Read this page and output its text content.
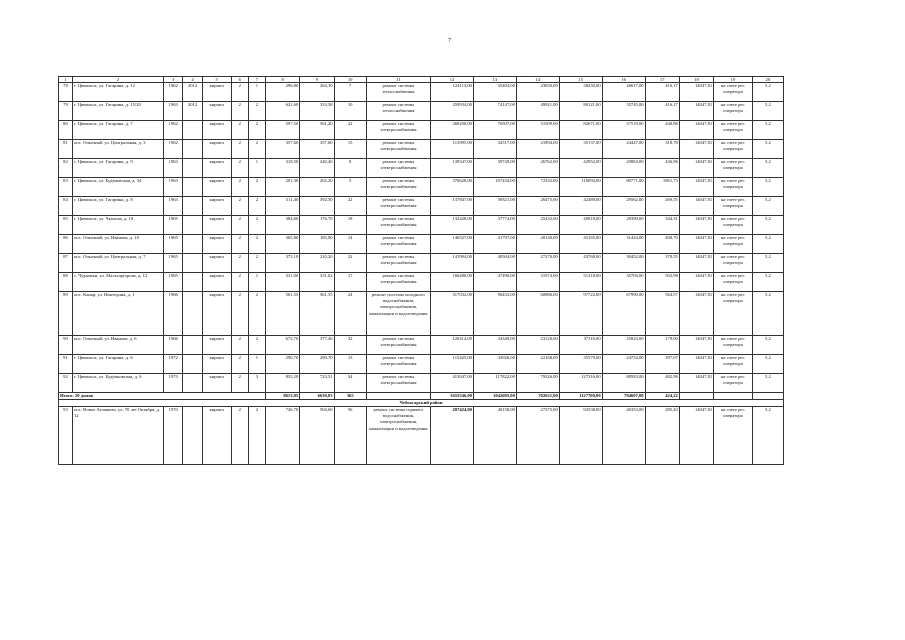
7
1	2	3	4	5	6	7	8	9	10	11	12	13	14	15	16	17	18	19	20
78	г. Цивильск, ул. Гагарина, д. 12	1962	2012	кирпич	2	1	296,80	264,10	7	ремонт системы теплоснабжения	124113,00	35404,00	23830,00	38250,00	26617,00	416,17	14047,81	на счете рег. оператора	5,2
79	г. Цивильск, ул. Гагарина, д. 15/20	1963	2012	кирпич	2	2	621,60	333,38	10	ремонт системы теплоснабжения	259934,00	74147,00	49921,00	80121,00	55745,00	416,17	14047,81	на счете рег. оператора	5,2
80	г. Цивильск, ул. Гагарина, д. 7	1962		кирпич	2	2	597,50	561,20	22	ремонт системы электроснабжения	268206,00	76507,00	51509,00	82671,00	57519,00	448,88	14047,81	на счете рег. оператора	5,2
81	пос. Опытный, ул. Центральная, д. 3	1962		кирпич	2	2	357,60	357,60	15	ремонт системы электроснабжения	113995,00	32517,00	21894,00	35137,00	24447,00	318,78	14047,81	на счете рег. оператора	5,2
82	г. Цивильск, ул. Гагарина, д. 9	1963		кирпич	2	1	318,50	240,40	8	ремонт системы электроснабжения	139347,00	39749,00	26762,00	42952,00	29884,00	436,96	14047,81	на счете рег. оператора	5,2
83	г. Цивильск, ул. Будёновская, д. 34	1963		кирпич	2	2	201,30	202,20	5	ремонт системы электроснабжения	376628,00	107434,00	72332,00	116094,00	80771,00	1861,73	14047,81	на счете рег. оператора	5,2
84	г. Цивильск, ул. Гагарина, д. 8	1963		кирпич	2	2	511,40	392,50	22	ремонт системы электроснабжения	137847,00	39321,00	26475,00	42489,00	29562,00	269,55	14047,81	на счете рег. оператора	5,2
85	г. Цивильск, ул. Чкалова, д. 18	1965		кирпич	2	2	384,60	176,70	18	ремонт системы электроснабжения	132428,00	37774,00	25432,00	40818,00	28399,00	344,31	14047,81	на счете рег. оператора	5,2
86	пос. Опытный, ул. Иванова, д. 10	1965		кирпич	2	2	365,80	185,00	14	ремонт системы электроснабжения	146527,00	41797,00	28140,00	45165,00	31424,00	400,70	14047,81	на счете рег. оператора	5,2
87	пос. Опытный, ул. Центральная, д. 7	1965		кирпич	2	2	375,10	210,20	22	ремонт системы электроснабжения	141994,00	40504,00	27270,00	43768,00	30452,00	378,55	14047,81	на счете рег. оператора	5,2
88	с. Чурачики, ул. Мальгаргорова, д. 12	1965		кирпич	2	1	331,00	331,02	17	ремонт системы электроснабжения	166486,00	47490,00	31974,00	51318,00	35704,00	502,98	14047,81	на счете рег. оператора	5,2
89	пос. Конар, ул. Никтедина, д. 1	1966		кирпич	2	2	561,55	561,55	24	ремонт системы холодного водоснабжения, электроснабжения, канализации и водоотведения	317032,00	90433,00	60886,00	97722,00	67990,00	564,57	14047,81	на счете рег. оператора	5,2
90	пос. Опытный, ул. Иванова, д. 6	1966		кирпич	2	2	672,70	377,40	32	ремонт системы электроснабжения	120414,00	34349,00	23126,00	37116,00	25824,00	179,00	14047,81	на счете рег. оператора	5,2
91	г. Цивильск, ул. Гагарина, д. 6	1972		кирпич	2	1	290,70	290,70	13	ремонт системы электроснабжения	115425,00	32926,00	22168,00	35579,00	24754,00	397,07	14047,81	на счете рег. оператора	5,2
92	г. Цивильск, ул. Будённовская, д. 6	1973		кирпич	2	3	855,20	723,51	34	ремонт системы электроснабжения	413047,00	117822,00	79326,00	127316,00	88583,00	482,98	14047,81	на счете рег. оператора	5,2
Итого: 20 домов							8613,05	6630,03	365		3655546,00	1042605,00	702631,00	1127700,00	784607,00	424,22			
Чебоксарский район																			
93	пос. Новое Атлашево, ул. 70 лет Октября, д. 12	1970		кирпич	2	2	726,70	504,60	56	ремонт системы горячего водоснабжения, электроснабжения, канализации и водоотведения	207424,00	40158,00	27375,00	92538,00	46353,00	285,43	14047,81	на счете рег. оператора	5,2
